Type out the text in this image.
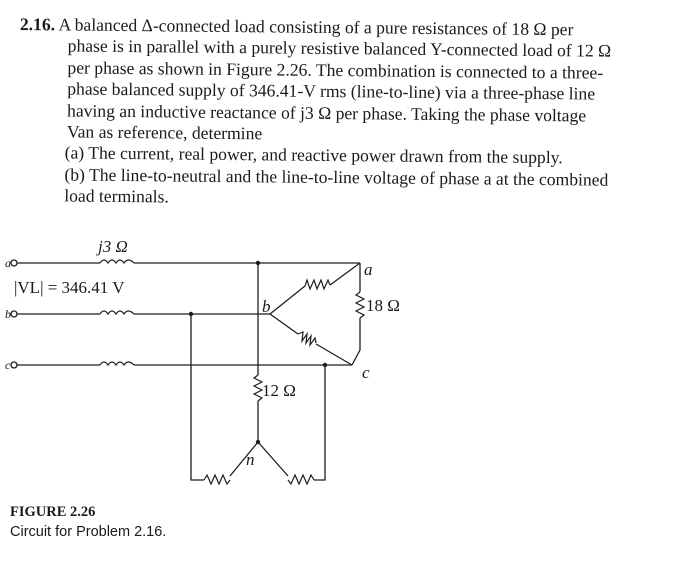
2.16. A balanced Δ-connected load consisting of a pure resistances of 18 Ω per
phase is in parallel with a purely resistive balanced Y-connected load of 12 Ω
per phase as shown in Figure 2.26. The combination is connected to a three-
phase balanced supply of 346.41-V rms (line-to-line) via a three-phase line
having an inductive reactance of j3 Ω per phase. Taking the phase voltage
Van as reference, determine

(a) The current, real power, and reactive power drawn from the supply.
(b) The line-to-neutral and the line-to-line voltage of phase a at the combined
load terminals.
a
b
c
j3 Ω
|VL| = 346.41 V
18 Ω
12 Ω
a
b
c
n
FIGURE 2.26
Circuit for Problem 2.16.
